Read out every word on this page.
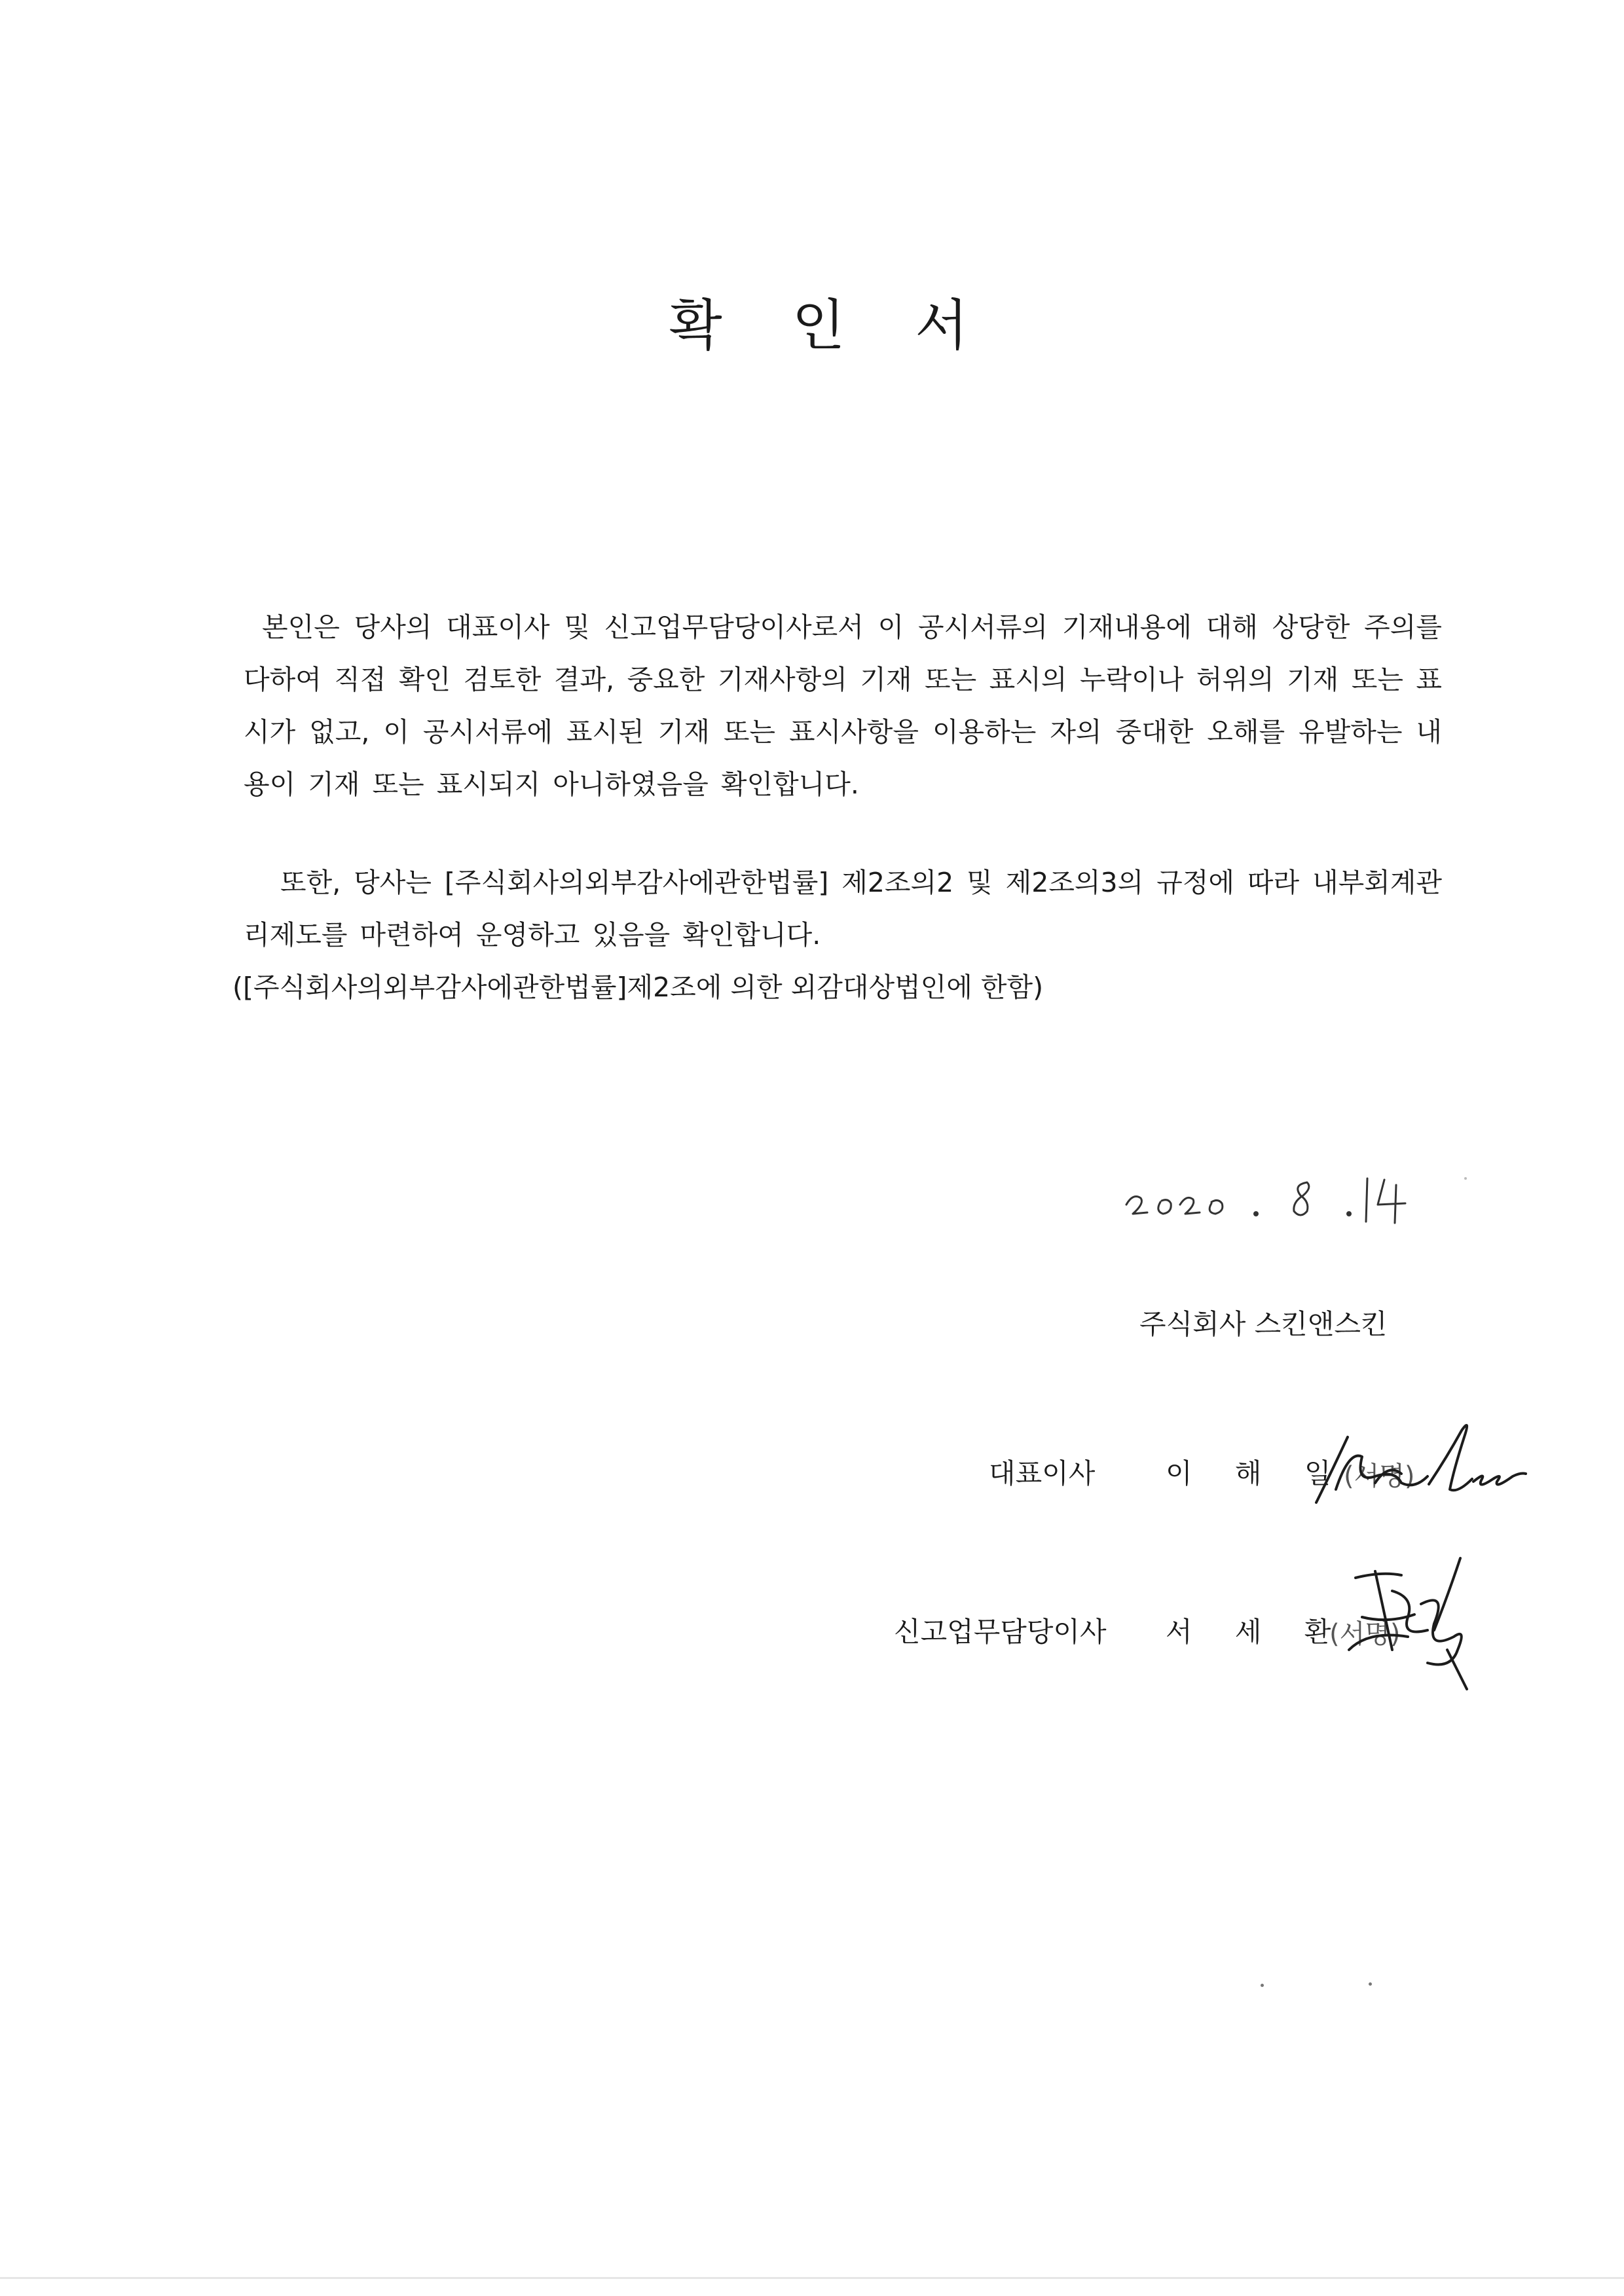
확 인 서

본인은 당사의 대표이사 및 신고업무담당이사로서 이 공시서류의 기재내용에 대해 상당한 주의를 다하여 직접 확인 검토한 결과, 중요한 기재사항의 기재 또는 표시의 누락이나 허위의 기재 또는 표시가 없고, 이 공시서류에 표시된 기재 또는 표시사항을 이용하는 자의 중대한 오해를 유발하는 내용이 기재 또는 표시되지 아니하였음을 확인합니다.

또한, 당사는 [주식회사의외부감사에관한법률] 제2조의2 및 제2조의3의 규정에 따라 내부회계관리제도를 마련하여 운영하고 있음을 확인합니다.

([주식회사의외부감사에관한법률]제2조에 의한 외감대상법인에 한함)

주식회사 스킨앤스킨

대표이사	이 해 일
(서명)
신고업무담당이사 서 세 환
(서명)
